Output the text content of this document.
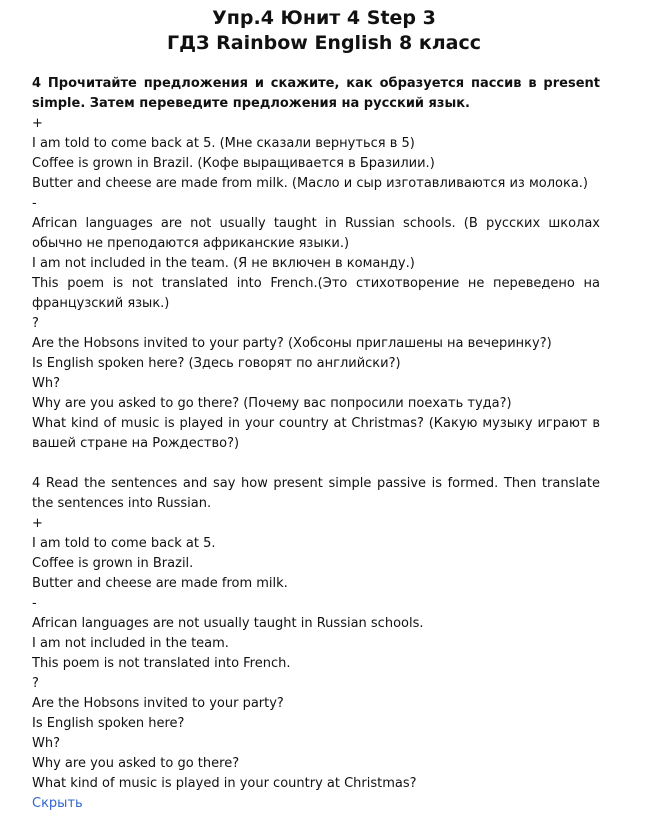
Упр.4 Юнит 4 Step 3
ГДЗ Rainbow English 8 класс
4 Прочитайте предложения и скажите, как образуется пассив в present simple. Затем переведите предложения на русский язык.
+
I am told to come back at 5. (Мне сказали вернуться в 5)
Coffee is grown in Brazil. (Кофе выращивается в Бразилии.)
Butter and cheese are made from milk. (Масло и сыр изготавливаются из молока.)
-
African languages are not usually taught in Russian schools. (В русских школах обычно не преподаются африканские языки.)
I am not included in the team. (Я не включен в команду.)
This poem is not translated into French.(Это стихотворение не переведено на французский язык.)
?
Are the Hobsons invited to your party? (Хобсоны приглашены на вечеринку?)
Is English spoken here? (Здесь говорят по английски?)
Wh?
Why are you asked to go there? (Почему вас попросили поехать туда?)
What kind of music is played in your country at Christmas? (Какую музыку играют в вашей стране на Рождество?)
4 Read the sentences and say how present simple passive is formed. Then translate the sentences into Russian.
+
I am told to come back at 5.
Coffee is grown in Brazil.
Butter and cheese are made from milk.
-
African languages are not usually taught in Russian schools.
I am not included in the team.
This poem is not translated into French.
?
Are the Hobsons invited to your party?
Is English spoken here?
Wh?
Why are you asked to go there?
What kind of music is played in your country at Christmas?
Скрыть
